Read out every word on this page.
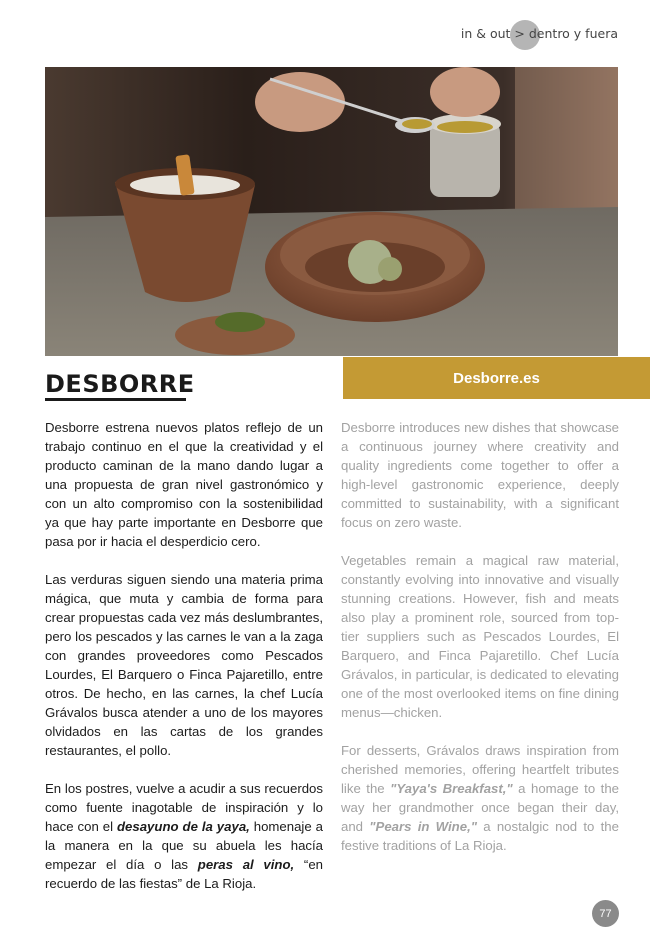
in & out > dentro y fuera
DESBORRE	Desborre.es

Desborre estrena nuevos platos reflejo de un trabajo continuo en el que la creatividad y el producto caminan de la mano dando lugar a una propuesta de gran nivel gastronómico y con un alto compromiso con la sostenibilidad ya que hay parte importante en Desborre que pasa por ir hacia el desperdicio cero.

Las verduras siguen siendo una materia prima mágica, que muta y cambia de forma para crear propuestas cada vez más deslumbrantes, pero los pescados y las carnes le van a la zaga con grandes proveedores como Pescados Lourdes, El Barquero o Finca Pajaretillo, entre otros. De hecho, en las carnes, la chef Lucía Grávalos busca atender a uno de los mayores olvidados en las cartas de los grandes restaurantes, el pollo.

En los postres, vuelve a acudir a sus recuerdos como fuente inagotable de inspiración y lo hace con el desayuno de la yaya, homenaje a la manera en la que su abuela les hacía empezar el día o las peras al vino, “en recuerdo de las fiestas” de La Rioja.

Desborre introduces new dishes that showcase a continuous journey where creativity and quality ingredients come together to offer a high-level gastronomic experience, deeply committed to sustainability, with a significant focus on zero waste.

Vegetables remain a magical raw material, constantly evolving into innovative and visually stunning creations. However, fish and meats also play a prominent role, sourced from top-tier suppliers such as Pescados Lourdes, El Barquero, and Finca Pajaretillo. Chef Lucía Grávalos, in particular, is dedicated to elevating one of the most overlooked items on fine dining menus—chicken.

For desserts, Grávalos draws inspiration from cherished memories, offering heartfelt tributes like the "Yaya's Breakfast," a homage to the way her grandmother once began their day, and "Pears in Wine," a nostalgic nod to the festive traditions of La Rioja.

77
